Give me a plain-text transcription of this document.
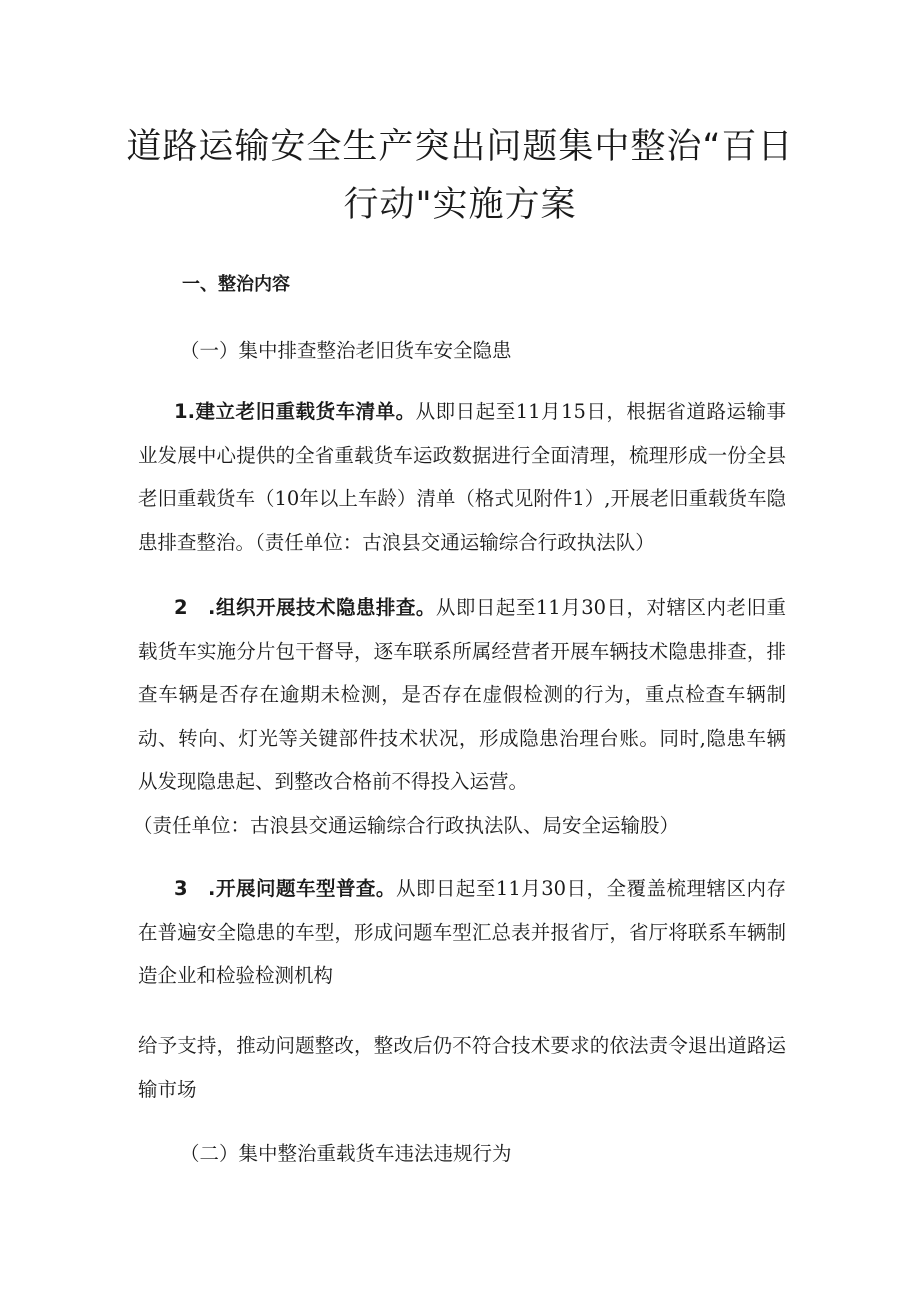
道路运输安全生产突出问题集中整治“百日
行动"实施方案

一、整治内容

（一）集中排查整治老旧货车安全隐患

1.建立老旧重载货车清单。从即日起至11月15日，根据省道路运输事业发展中心提供的全省重载货车运政数据进行全面清理，梳理形成一份全县老旧重载货车（10年以上车龄）清单（格式见附件1）,开展老旧重载货车隐患排查整治。（责任单位：古浪县交通运输综合行政执法队）

2　.组织开展技术隐患排查。从即日起至11月30日，对辖区内老旧重载货车实施分片包干督导，逐车联系所属经营者开展车辆技术隐患排查，排查车辆是否存在逾期未检测，是否存在虚假检测的行为，重点检查车辆制动、转向、灯光等关键部件技术状况，形成隐患治理台账。同时,隐患车辆从发现隐患起、到整改合格前不得投入运营。

（责任单位：古浪县交通运输综合行政执法队、局安全运输股）

3　.开展问题车型普查。从即日起至11月30日，全覆盖梳理辖区内存在普遍安全隐患的车型，形成问题车型汇总表并报省厅，省厅将联系车辆制造企业和检验检测机构

给予支持，推动问题整改，整改后仍不符合技术要求的依法责令退出道路运输市场

（二）集中整治重载货车违法违规行为
